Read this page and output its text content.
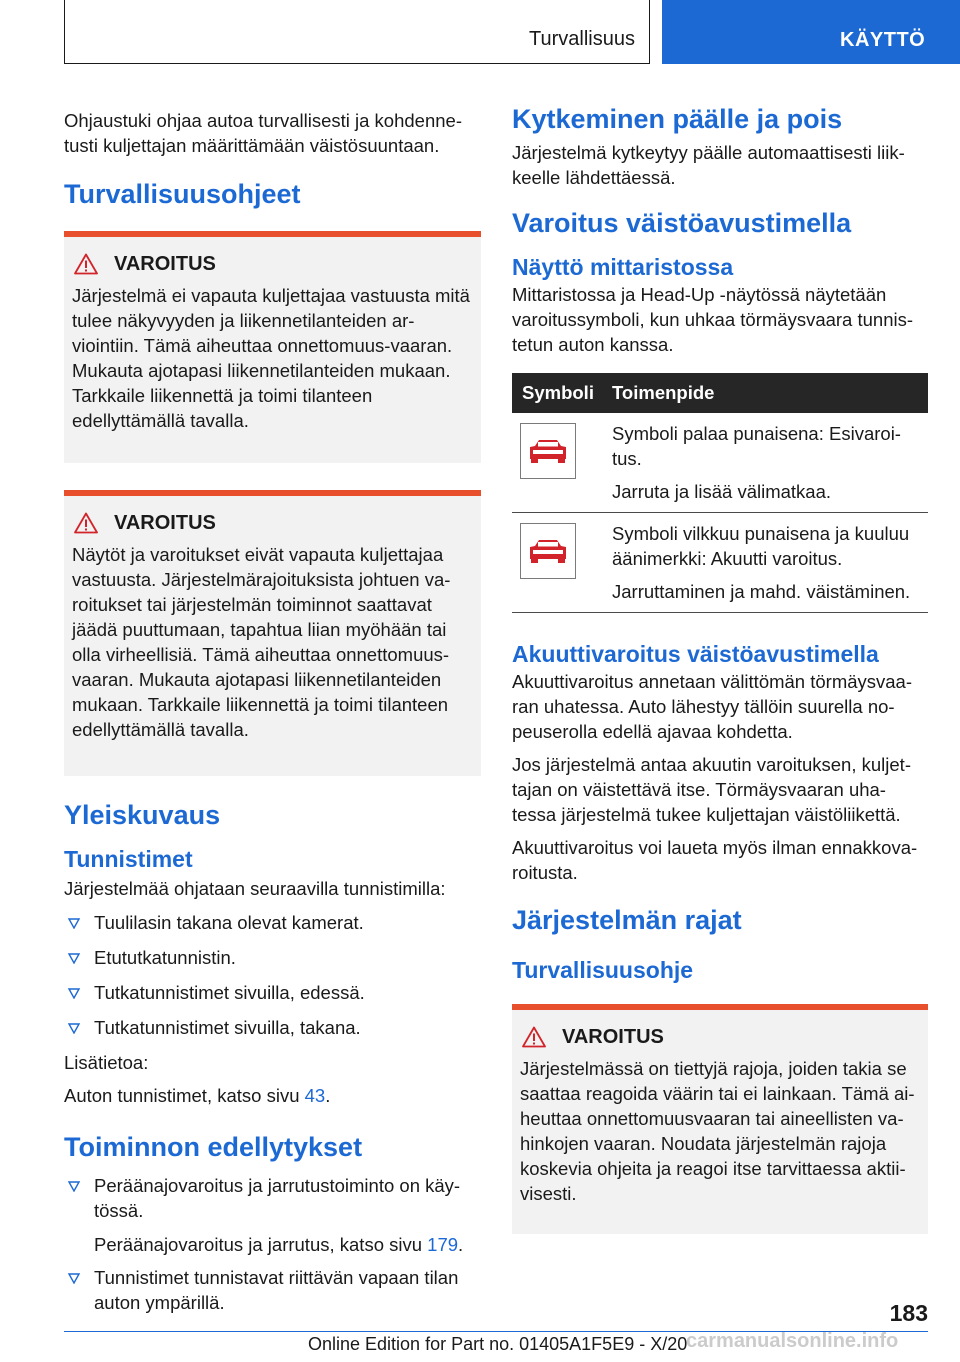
Turvallisuus	KÄYTTÖ

Ohjaustuki ohjaa autoa turvallisesti ja kohdenne‐tusti kuljettajan määrittämään väistösuuntaan.

Turvallisuusohjeet
VAROITUS

Järjestelmä ei vapauta kuljettajaa vastuusta mitä tulee näkyvyyden ja liikennetilanteiden ar‐viointiin. Tämä aiheuttaa onnettomuus‐vaaran. Mukauta ajotapasi liikennetilanteiden mukaan. Tarkkaile liikennettä ja toimi tilanteen edellyttämällä tavalla.

VAROITUS

Näytöt ja varoitukset eivät vapauta kuljettajaa vastuusta. Järjestelmärajoituksista johtuen va‐roitukset tai järjestelmän toiminnot saattavat jäädä puuttumaan, tapahtua liian myöhään tai olla virheellisiä. Tämä aiheuttaa onnettomuus‐vaaran. Mukauta ajotapasi liikennetilanteiden mukaan. Tarkkaile liikennettä ja toimi tilanteen edellyttämällä tavalla.

Yleiskuvaus
Tunnistimet

Järjestelmää ohjataan seuraavilla tunnistimilla:

Tuulilasin takana olevat kamerat.
Etututkatunnistin.
Tutkatunnistimet sivuilla, edessä.
Tutkatunnistimet sivuilla, takana.

Lisätietoa:

Auton tunnistimet, katso sivu 43.

Toiminnon edellytykset
Peräänajovaroitus ja jarrutustoiminto on käy‐tössä.
Peräänajovaroitus ja jarrutus, katso sivu 179.
Tunnistimet tunnistavat riittävän vapaan tilan auton ympärillä.
Kytkeminen päälle ja pois

Järjestelmä kytkeytyy päälle automaattisesti liik‐keelle lähdettäessä.

Varoitus väistöavustimella
Näyttö mittaristossa

Mittaristossa ja Head-Up -näytössä näytetään varoitussymboli, kun uhkaa törmäysvaara tunnis‐tetun auton kanssa.

Symboli	Toimenpide

Symboli palaa punaisena: Esivaroi‐tus.
Jarruta ja lisää välimatkaa.

Symboli vilkkuu punaisena ja kuuluu äänimerkki: Akuutti varoitus.
Jarruttaminen ja mahd. väistäminen.
Akuuttivaroitus väistöavustimella

Akuuttivaroitus annetaan välittömän törmäysvaa‐ran uhatessa. Auto lähestyy tällöin suurella no‐peuserolla edellä ajavaa kohdetta.

Jos järjestelmä antaa akuutin varoituksen, kuljet‐tajan on väistettävä itse. Törmäysvaaran uha‐tessa järjestelmä tukee kuljettajan väistöliikettä.

Akuuttivaroitus voi laueta myös ilman ennakkova‐roitusta.

Järjestelmän rajat
Turvallisuusohje
VAROITUS

Järjestelmässä on tiettyjä rajoja, joiden takia se saattaa reagoida väärin tai ei lainkaan. Tämä ai‐heuttaa onnettomuusvaaran tai aineellisten va‐hinkojen vaaran. Noudata järjestelmän rajoja koskevia ohjeita ja reagoi itse tarvittaessa aktii‐visesti.

183
Online Edition for Part no. 01405A1F5E9 - X/20
carmanualsonline.info
